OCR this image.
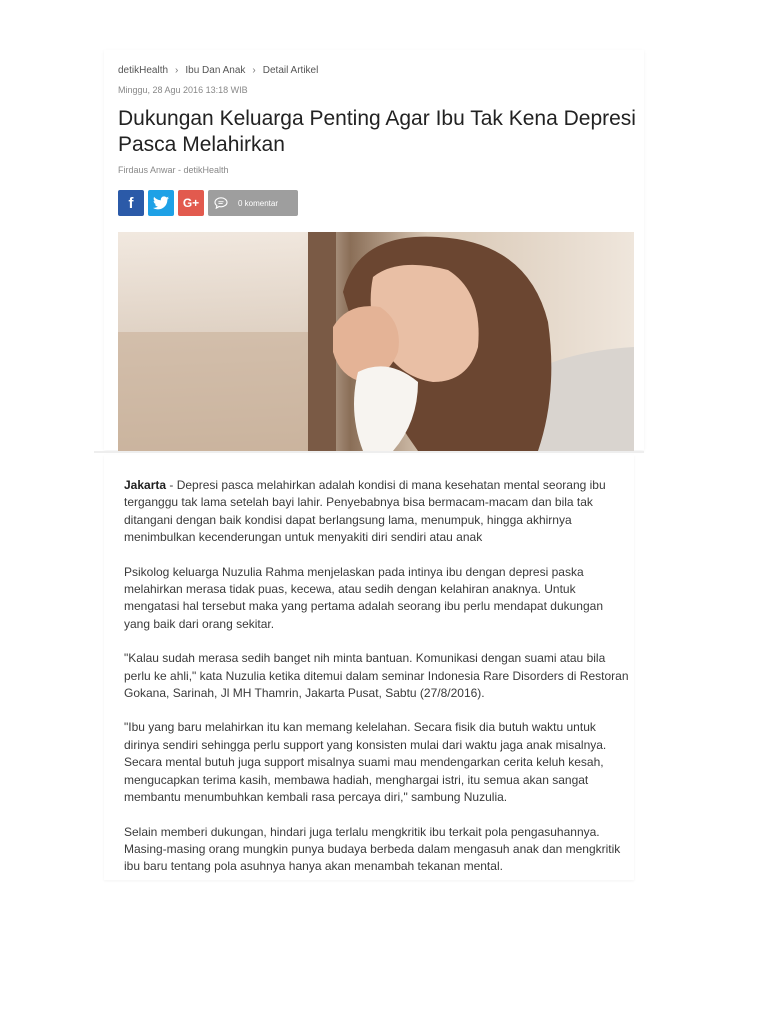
detikHealth › Ibu Dan Anak › Detail Artikel
Minggu, 28 Agu 2016 13:18 WIB
Dukungan Keluarga Penting Agar Ibu Tak Kena Depresi Pasca Melahirkan
Firdaus Anwar - detikHealth
f	G+	0 komentar

Jakarta - Depresi pasca melahirkan adalah kondisi di mana kesehatan mental seorang ibu terganggu tak lama setelah bayi lahir. Penyebabnya bisa bermacam-macam dan bila tak ditangani dengan baik kondisi dapat berlangsung lama, menumpuk, hingga akhirnya menimbulkan kecenderungan untuk menyakiti diri sendiri atau anak

Psikolog keluarga Nuzulia Rahma menjelaskan pada intinya ibu dengan depresi paska melahirkan merasa tidak puas, kecewa, atau sedih dengan kelahiran anaknya. Untuk mengatasi hal tersebut maka yang pertama adalah seorang ibu perlu mendapat dukungan yang baik dari orang sekitar.

"Kalau sudah merasa sedih banget nih minta bantuan. Komunikasi dengan suami atau bila perlu ke ahli," kata Nuzulia ketika ditemui dalam seminar Indonesia Rare Disorders di Restoran Gokana, Sarinah, Jl MH Thamrin, Jakarta Pusat, Sabtu (27/8/2016).

"Ibu yang baru melahirkan itu kan memang kelelahan. Secara fisik dia butuh waktu untuk dirinya sendiri sehingga perlu support yang konsisten mulai dari waktu jaga anak misalnya. Secara mental butuh juga support misalnya suami mau mendengarkan cerita keluh kesah, mengucapkan terima kasih, membawa hadiah, menghargai istri, itu semua akan sangat membantu menumbuhkan kembali rasa percaya diri," sambung Nuzulia.

Selain memberi dukungan, hindari juga terlalu mengkritik ibu terkait pola pengasuhannya. Masing-masing orang mungkin punya budaya berbeda dalam mengasuh anak dan mengkritik ibu baru tentang pola asuhnya hanya akan menambah tekanan mental.
